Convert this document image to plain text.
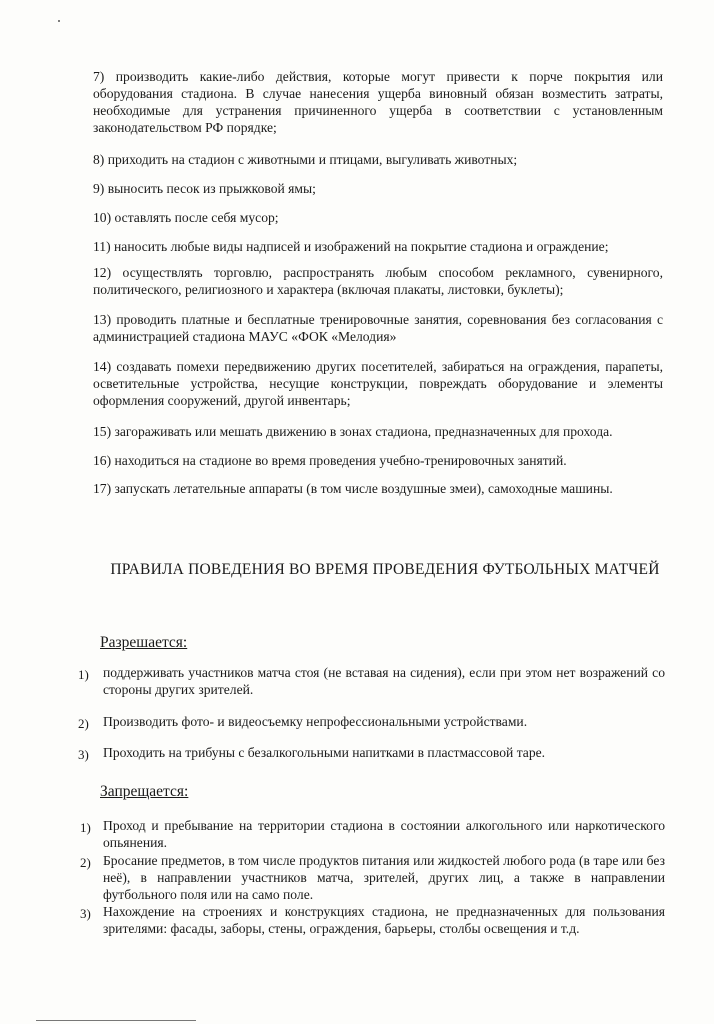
7) производить какие-либо действия, которые могут привести к порче покрытия или оборудования стадиона. В случае нанесения ущерба виновный обязан возместить затраты, необходимые для устранения причиненного ущерба в соответствии с установленным законодательством РФ порядке;
8) приходить на стадион с животными и птицами, выгуливать животных;
9) выносить песок из прыжковой ямы;
10) оставлять после себя мусор;
11) наносить любые виды надписей и изображений на покрытие стадиона и ограждение;
12) осуществлять торговлю, распространять любым способом рекламного, сувенирного, политического, религиозного и характера (включая плакаты, листовки, буклеты);
13) проводить платные и бесплатные тренировочные занятия, соревнования без согласования с администрацией стадиона МАУС «ФОК «Мелодия»
14) создавать помехи передвижению других посетителей, забираться на ограждения, парапеты, осветительные устройства, несущие конструкции, повреждать оборудование и элементы оформления сооружений, другой инвентарь;
15) загораживать или мешать движению в зонах стадиона, предназначенных для прохода.
16) находиться на стадионе во время проведения учебно-тренировочных занятий.
17) запускать летательные аппараты (в том числе воздушные змеи), самоходные машины.
ПРАВИЛА ПОВЕДЕНИЯ ВО ВРЕМЯ ПРОВЕДЕНИЯ ФУТБОЛЬНЫХ МАТЧЕЙ
Разрешается:
1) поддерживать участников матча стоя (не вставая на сидения), если при этом нет возражений со стороны других зрителей.
2) Производить фото- и видеосъемку непрофессиональными устройствами.
3) Проходить на трибуны с безалкогольными напитками в пластмассовой таре.
Запрещается:
1) Проход и пребывание на территории стадиона в состоянии алкогольного или наркотического опьянения.
2) Бросание предметов, в том числе продуктов питания или жидкостей любого рода (в таре или без неё), в направлении участников матча, зрителей, других лиц, а также в направлении футбольного поля или на само поле.
3) Нахождение на строениях и конструкциях стадиона, не предназначенных для пользования зрителями: фасады, заборы, стены, ограждения, барьеры, столбы освещения и т.д.
